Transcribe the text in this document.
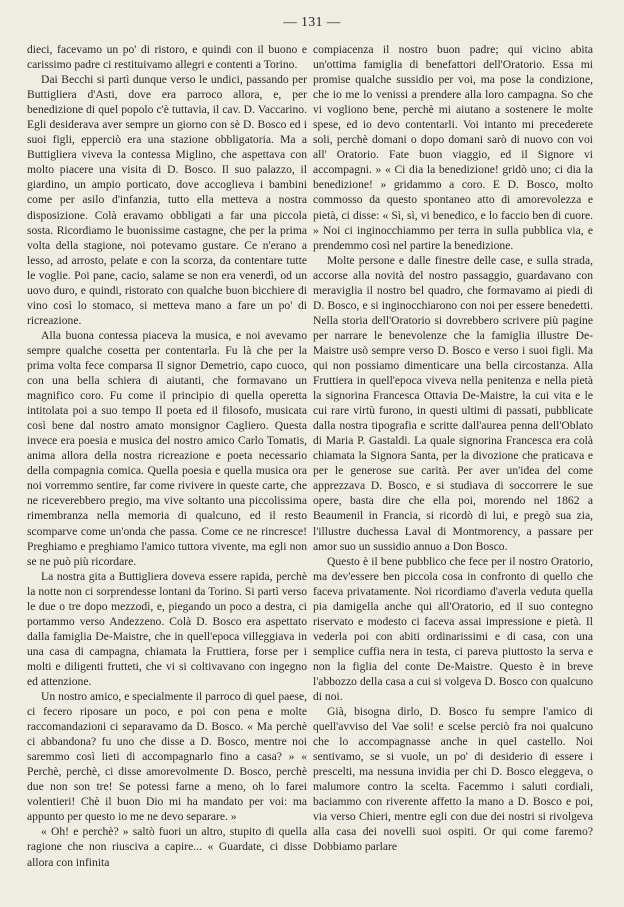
— 131 —

dieci, facevamo un po' di ristoro, e quindi con il buono e carissimo padre ci restituivamo allegri e contenti a Torino.

Dai Becchi si partì dunque verso le undici, passando per Buttigliera d'Asti, dove era parroco allora, e, per benedizione di quel popolo c'è tuttavia, il cav. D. Vaccarino. Egli desiderava aver sempre un giorno con sè D. Bosco ed i suoi figli, epperciò era una stazione obbligatoria. Ma a Buttigliera viveva la contessa Miglino, che aspettava con molto piacere una visita di D. Bosco. Il suo palazzo, il giardino, un ampio porticato, dove accoglieva i bambini come per asilo d'infanzia, tutto ella metteva a nostra disposizione. Colà eravamo obbligati a far una piccola sosta. Ricordiamo le buonissime castagne, che per la prima volta della stagione, noi potevamo gustare. Ce n'erano a lesso, ad arrosto, pelate e con la scorza, da contentare tutte le voglie. Poi pane, cacio, salame se non era venerdì, od un uovo duro, e quindi, ristorato con qualche buon bicchiere di vino così lo stomaco, si metteva mano a fare un po' di ricreazione.

Alla buona contessa piaceva la musica, e noi avevamo sempre qualche cosetta per contentarla. Fu là che per la prima volta fece comparsa Il signor Demetrio, capo cuoco, con una bella schiera di aiutanti, che formavano un magnifico coro. Fu come il principio di quella operetta intitolata poi a suo tempo Il poeta ed il filosofo, musicata così bene dal nostro amato monsignor Cagliero. Questa invece era poesia e musica del nostro amico Carlo Tomatis, anima allora della nostra ricreazione e poeta necessario della compagnia comica. Quella poesia e quella musica ora noi vorremmo sentire, far come rivivere in queste carte, che ne riceverebbero pregio, ma vive soltanto una piccolissima rimembranza nella memoria di qualcuno, ed il resto scomparve come un'onda che passa. Come ce ne rincresce! Preghiamo e preghiamo l'amico tuttora vivente, ma egli non se ne può più ricordare.

La nostra gita a Buttigliera doveva essere rapida, perchè la notte non ci sorprendesse lontani da Torino. Si partì verso le due o tre dopo mezzodì, e, piegando un poco a destra, ci portammo verso Andezzeno. Colà D. Bosco era aspettato dalla famiglia De-Maistre, che in quell'epoca villeggiava in una casa di campagna, chiamata la Fruttiera, forse per i molti e diligenti frutteti, che vi si coltivavano con ingegno ed attenzione.

Un nostro amico, e specialmente il parroco di quel paese, ci fecero riposare un poco, e poi con pena e molte raccomandazioni ci separavamo da D. Bosco. « Ma perchè ci abbandona? fu uno che disse a D. Bosco, mentre noi saremmo così lieti di accompagnarlo fino a casa? » « Perchè, perchè, ci disse amorevolmente D. Bosco, perchè due non son tre! Se potessi farne a meno, oh lo farei volentieri! Chè il buon Dio mi ha mandato per voi: ma appunto per questo io me ne devo separare. »

« Oh! e perchè? » saltò fuori un altro, stupito di quella ragione che non riusciva a capire... « Guardate, ci disse allora con infinita

compiacenza il nostro buon padre; qui vicino abita un'ottima famiglia di benefattori dell'Oratorio. Essa mi promise qualche sussidio per voi, ma pose la condizione, che io me lo venissi a prendere alla loro campagna. So che vi vogliono bene, perchè mi aiutano a sostenere le molte spese, ed io devo contentarli. Voi intanto mi precederete soli, perchè domani o dopo domani sarò di nuovo con voi all' Oratorio. Fate buon viaggio, ed il Signore vi accompagni. » « Ci dia la benedizione! gridò uno; ci dia la benedizione! » gridammo a coro. E D. Bosco, molto commosso da questo spontaneo atto di amorevolezza e pietà, ci disse: « Sì, sì, vi benedico, e lo faccio ben di cuore. » Noi ci inginocchiammo per terra in sulla pubblica via, e prendemmo così nel partire la benedizione.

Molte persone e dalle finestre delle case, e sulla strada, accorse alla novità del nostro passaggio, guardavano con meraviglia il nostro bel quadro, che formavamo ai piedi di D. Bosco, e si inginocchiarono con noi per essere benedetti. Nella storia dell'Oratorio si dovrebbero scrivere più pagine per narrare le benevolenze che la famiglia illustre De-Maistre usò sempre verso D. Bosco e verso i suoi figli. Ma qui non possiamo dimenticare una bella circostanza. Alla Fruttiera in quell'epoca viveva nella penitenza e nella pietà la signorina Francesca Ottavia De-Maistre, la cui vita e le cui rare virtù furono, in questi ultimi di passati, pubblicate dalla nostra tipografia e scritte dall'aurea penna dell'Oblato di Maria P. Gastaldi. La quale signorina Francesca era colà chiamata la Signora Santa, per la divozione che praticava e per le generose sue carità. Per aver un'idea del come apprezzava D. Bosco, e si studiava di soccorrere le sue opere, basta dire che ella poi, morendo nel 1862 a Beaumenil in Francia, si ricordò di lui, e pregò sua zia, l'illustre duchessa Laval di Montmorency, a passare per amor suo un sussidio annuo a Don Bosco.

Questo è il bene pubblico che fece per il nostro Oratorio, ma dev'essere ben piccola cosa in confronto di quello che faceva privatamente. Noi ricordiamo d'averla veduta quella pia damigella anche qui all'Oratorio, ed il suo contegno riservato e modesto ci faceva assai impressione e pietà. Il vederla poi con abiti ordinarissimi e di casa, con una semplice cuffia nera in testa, ci pareva piuttosto la serva e non la figlia del conte De-Maistre. Questo è in breve l'abbozzo della casa a cui si volgeva D. Bosco con qualcuno di noi.

Già, bisogna dirlo, D. Bosco fu sempre l'amico di quell'avviso del Vae soli! e scelse perciò fra noi qualcuno che lo accompagnasse anche in quel castello. Noi sentivamo, se si vuole, un po' di desiderio di essere i prescelti, ma nessuna invidia per chi D. Bosco eleggeva, o malumore contro la scelta. Facemmo i saluti cordiali, baciammo con riverente affetto la mano a D. Bosco e poi, via verso Chieri, mentre egli con due dei nostri si rivolgeva alla casa dei novelli suoi ospiti. Or qui come faremo? Dobbiamo parlare
